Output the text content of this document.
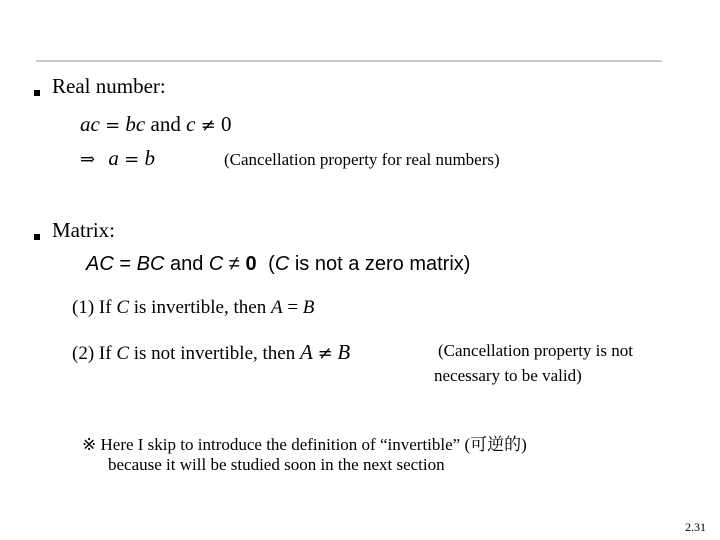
Real number:
ac = bc and c ≠ 0
⇒ a = b	(Cancellation property for real numbers)
Matrix:
AC = BC and C ≠ 0 (C is not a zero matrix)
(1) If C is invertible, then A = B
(2) If C is not invertible, then A ≠ B	(Cancellation property is not
necessary to be valid)
※ Here I skip to introduce the definition of “invertible” (可逆的)
because it will be studied soon in the next section
2.31
